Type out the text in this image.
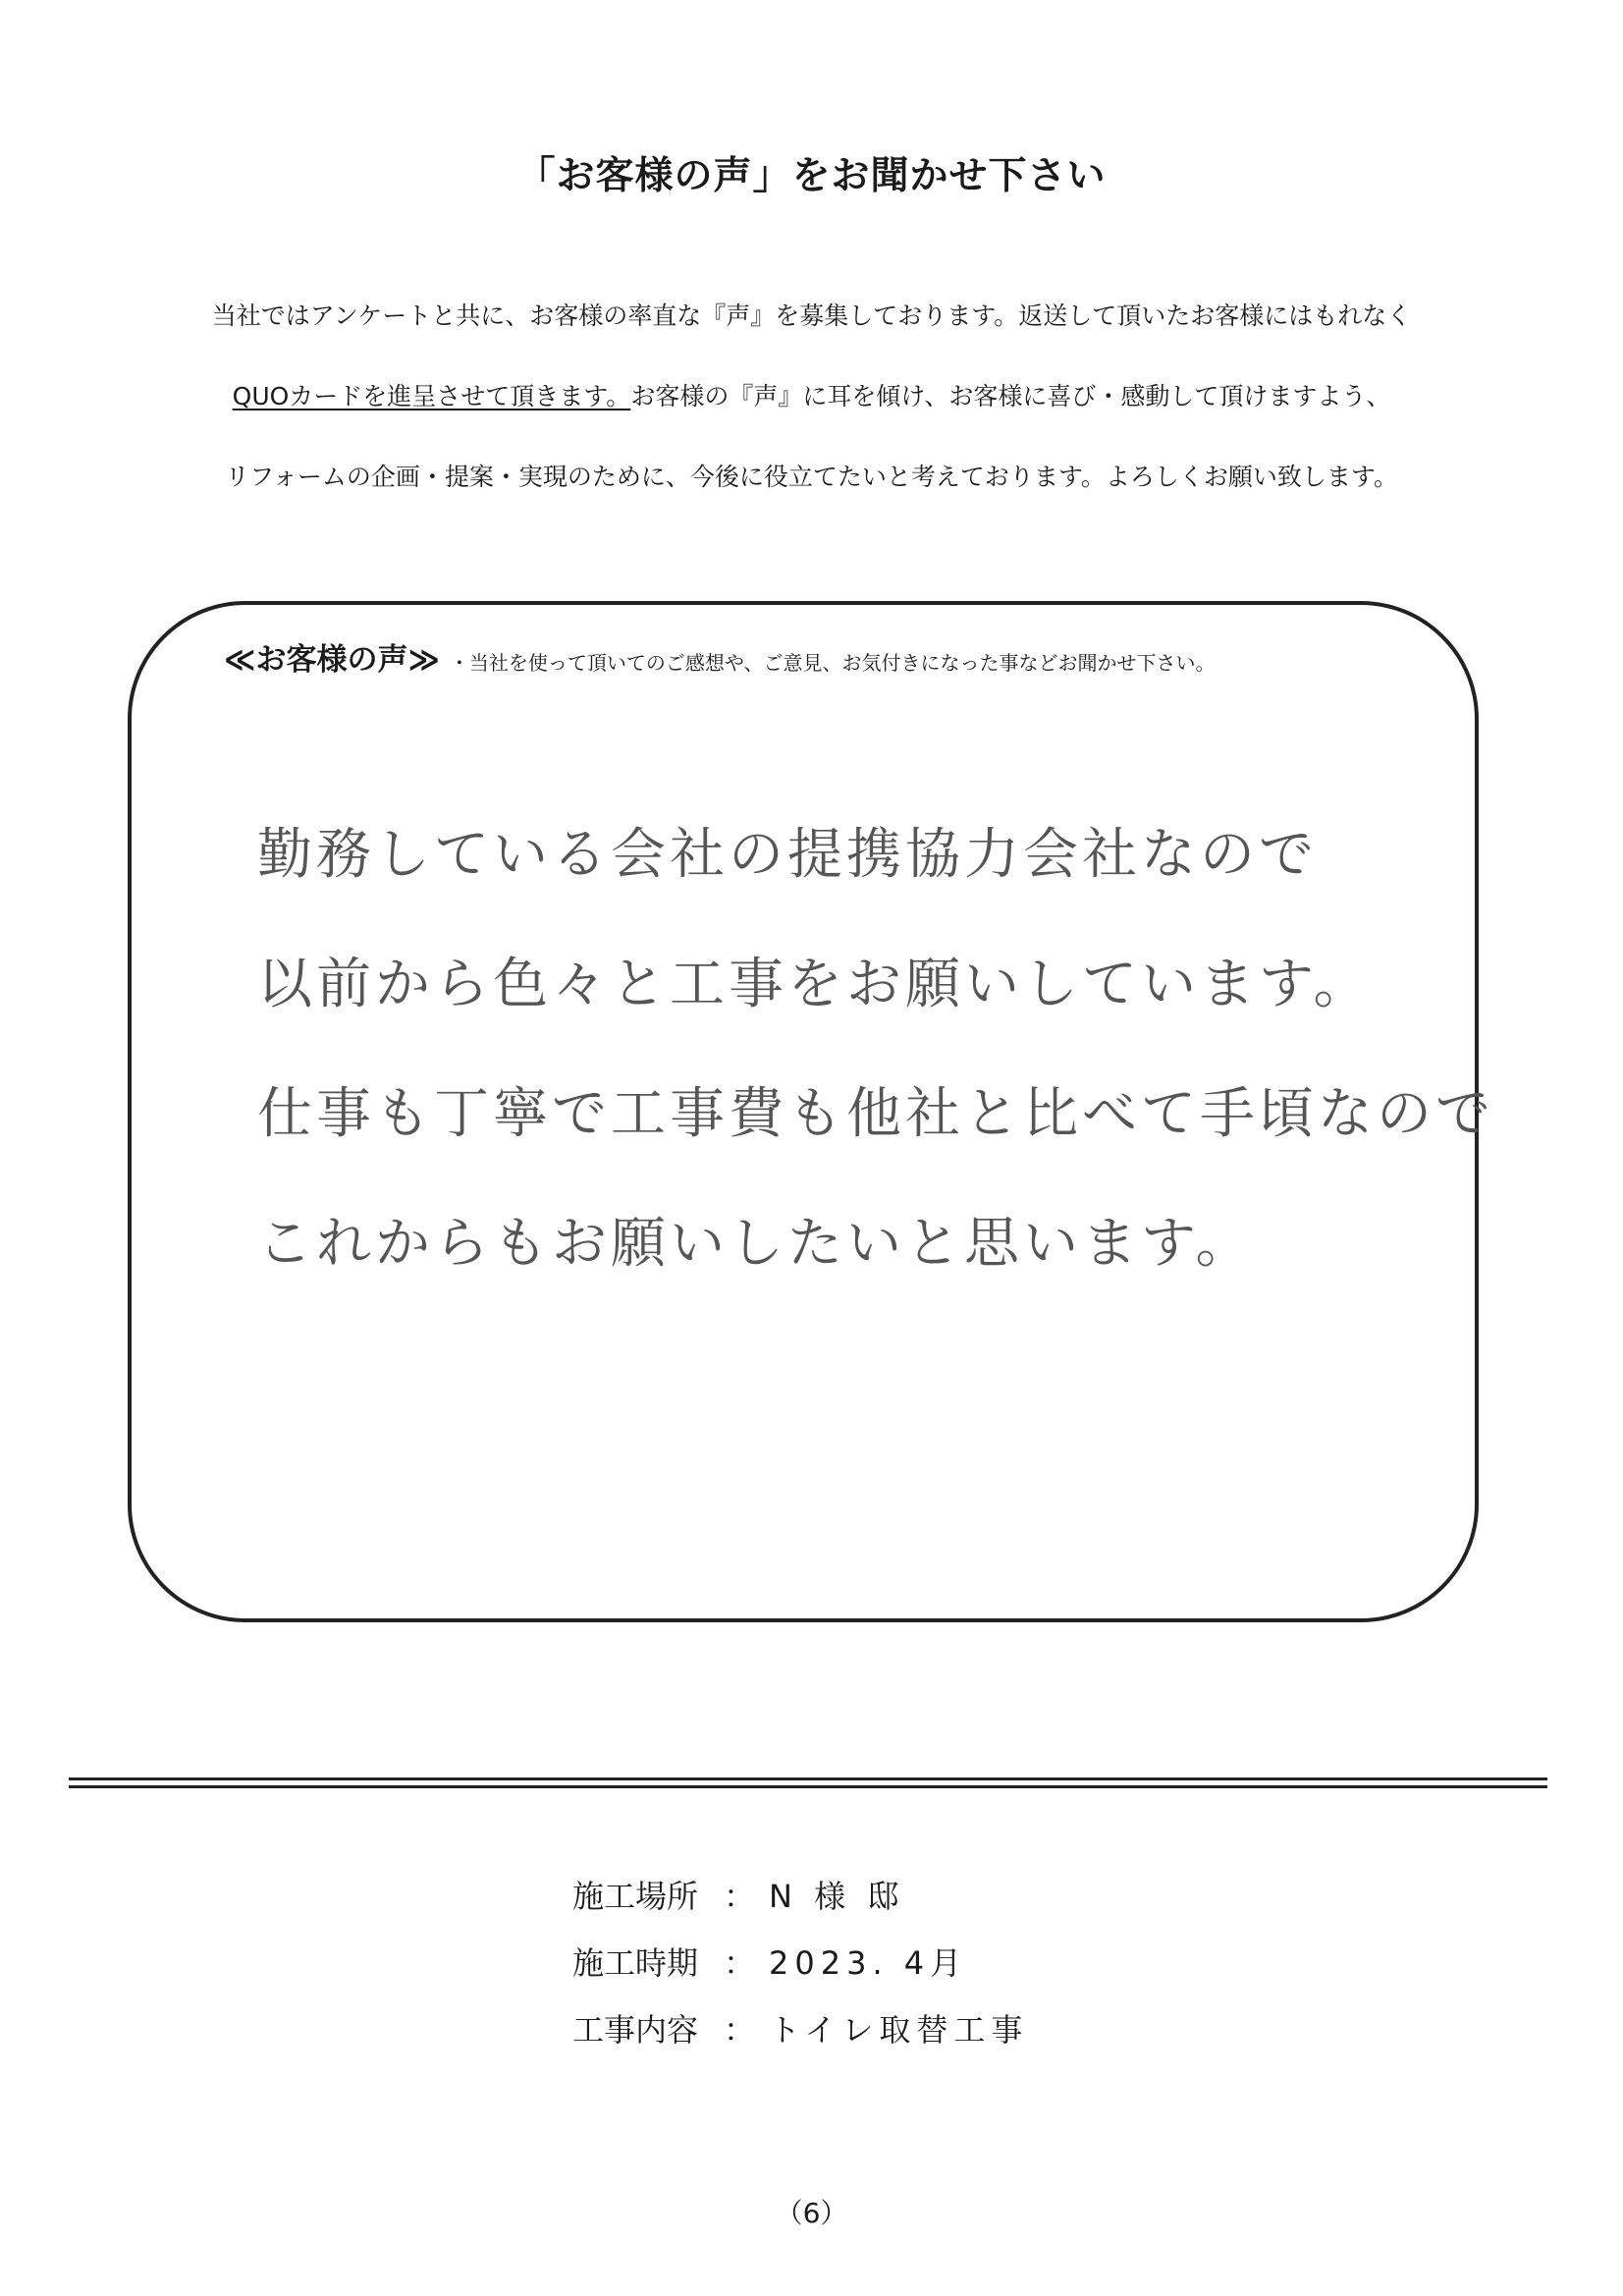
「お客様の声」をお聞かせ下さい
当社ではアンケートと共に、お客様の率直な『声』を募集しております。返送して頂いたお客様にはもれなく
QUOカードを進呈させて頂きます。お客様の『声』に耳を傾け、お客様に喜び・感動して頂けますよう、
リフォームの企画・提案・実現のために、今後に役立てたいと考えております。よろしくお願い致します。
≪お客様の声≫ ・当社を使って頂いてのご感想や、ご意見、お気付きになった事などお聞かせ下さい。
勤務している会社の提携協力会社なので
以前から色々と工事をお願いしています。
仕事も丁寧で工事費も他社と比べて手頃なので
これからもお願いしたいと思います。
施工場所 ： N 様 邸
施工時期 ： 2023. 4月
工事内容 ： トイレ取替工事
（6）
